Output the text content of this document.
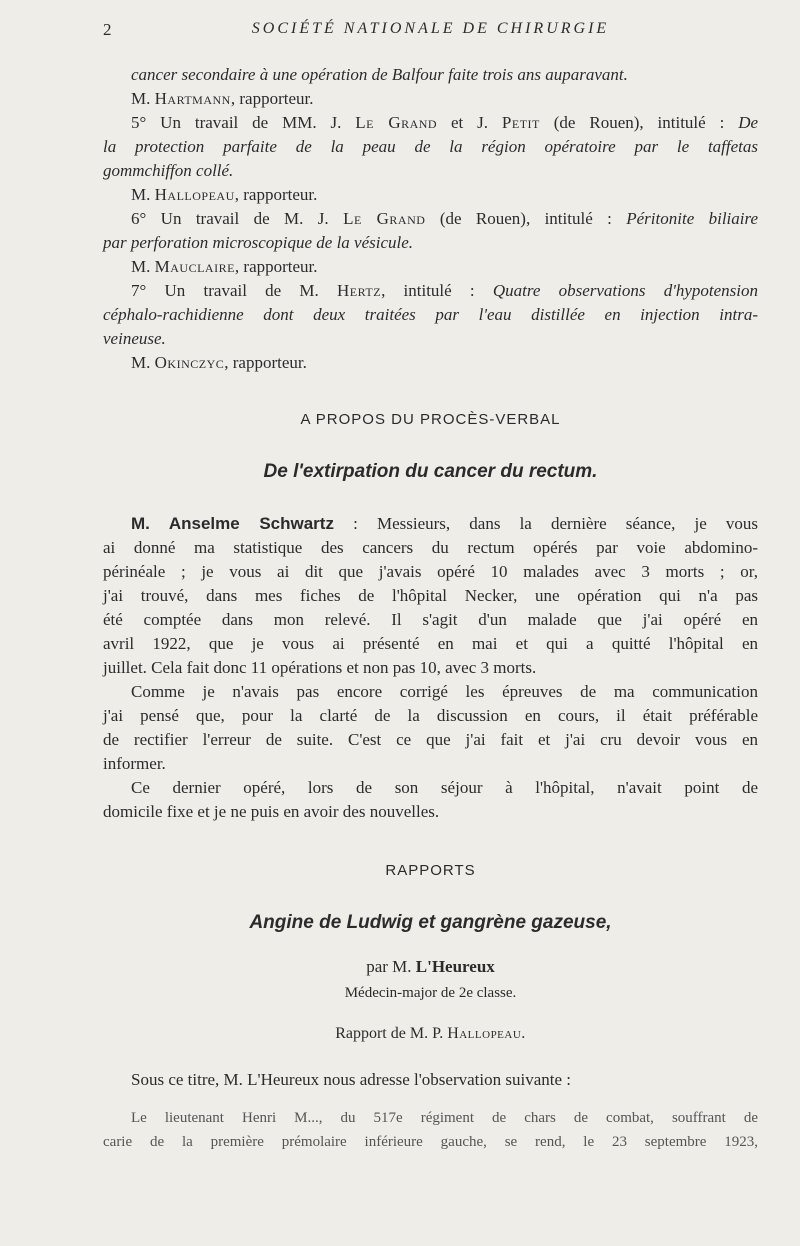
2	SOCIÉTÉ NATIONALE DE CHIRURGIE
cancer secondaire à une opération de Balfour faite trois ans auparavant.
M. Hartmann, rapporteur.
5° Un travail de MM. J. Le Grand et J. Petit (de Rouen), intitulé : De
la protection parfaite de la peau de la région opératoire par le taffetas
gommchiffon collé.
M. Hallopeau, rapporteur.
6° Un travail de M. J. Le Grand (de Rouen), intitulé : Péritonite biliaire
par perforation microscopique de la vésicule.
M. Mauclaire, rapporteur.
7° Un travail de M. Hertz, intitulé : Quatre observations d'hypotension
céphalo-rachidienne dont deux traitées par l'eau distillée en injection intra-
veineuse.
M. Okinczyc, rapporteur.
A PROPOS DU PROCÈS-VERBAL
De l'extirpation du cancer du rectum.
M. Anselme Schwartz : Messieurs, dans la dernière séance, je vous
ai donné ma statistique des cancers du rectum opérés par voie abdomino-
périnéale ; je vous ai dit que j'avais opéré 10 malades avec 3 morts ; or,
j'ai trouvé, dans mes fiches de l'hôpital Necker, une opération qui n'a pas
été comptée dans mon relevé. Il s'agit d'un malade que j'ai opéré en
avril 1922, que je vous ai présenté en mai et qui a quitté l'hôpital en
juillet. Cela fait donc 11 opérations et non pas 10, avec 3 morts.
Comme je n'avais pas encore corrigé les épreuves de ma communication
j'ai pensé que, pour la clarté de la discussion en cours, il était préférable
de rectifier l'erreur de suite. C'est ce que j'ai fait et j'ai cru devoir vous en
informer.
Ce dernier opéré, lors de son séjour à l'hôpital, n'avait point de
domicile fixe et je ne puis en avoir des nouvelles.
RAPPORTS
Angine de Ludwig et gangrène gazeuse,
par M. L'Heureux
Médecin-major de 2e classe.
Rapport de M. P. Hallopeau.
Sous ce titre, M. L'Heureux nous adresse l'observation suivante :
Le lieutenant Henri M..., du 517e régiment de chars de combat, souffrant de
carie de la première prémolaire inférieure gauche, se rend, le 23 septembre 1923,
